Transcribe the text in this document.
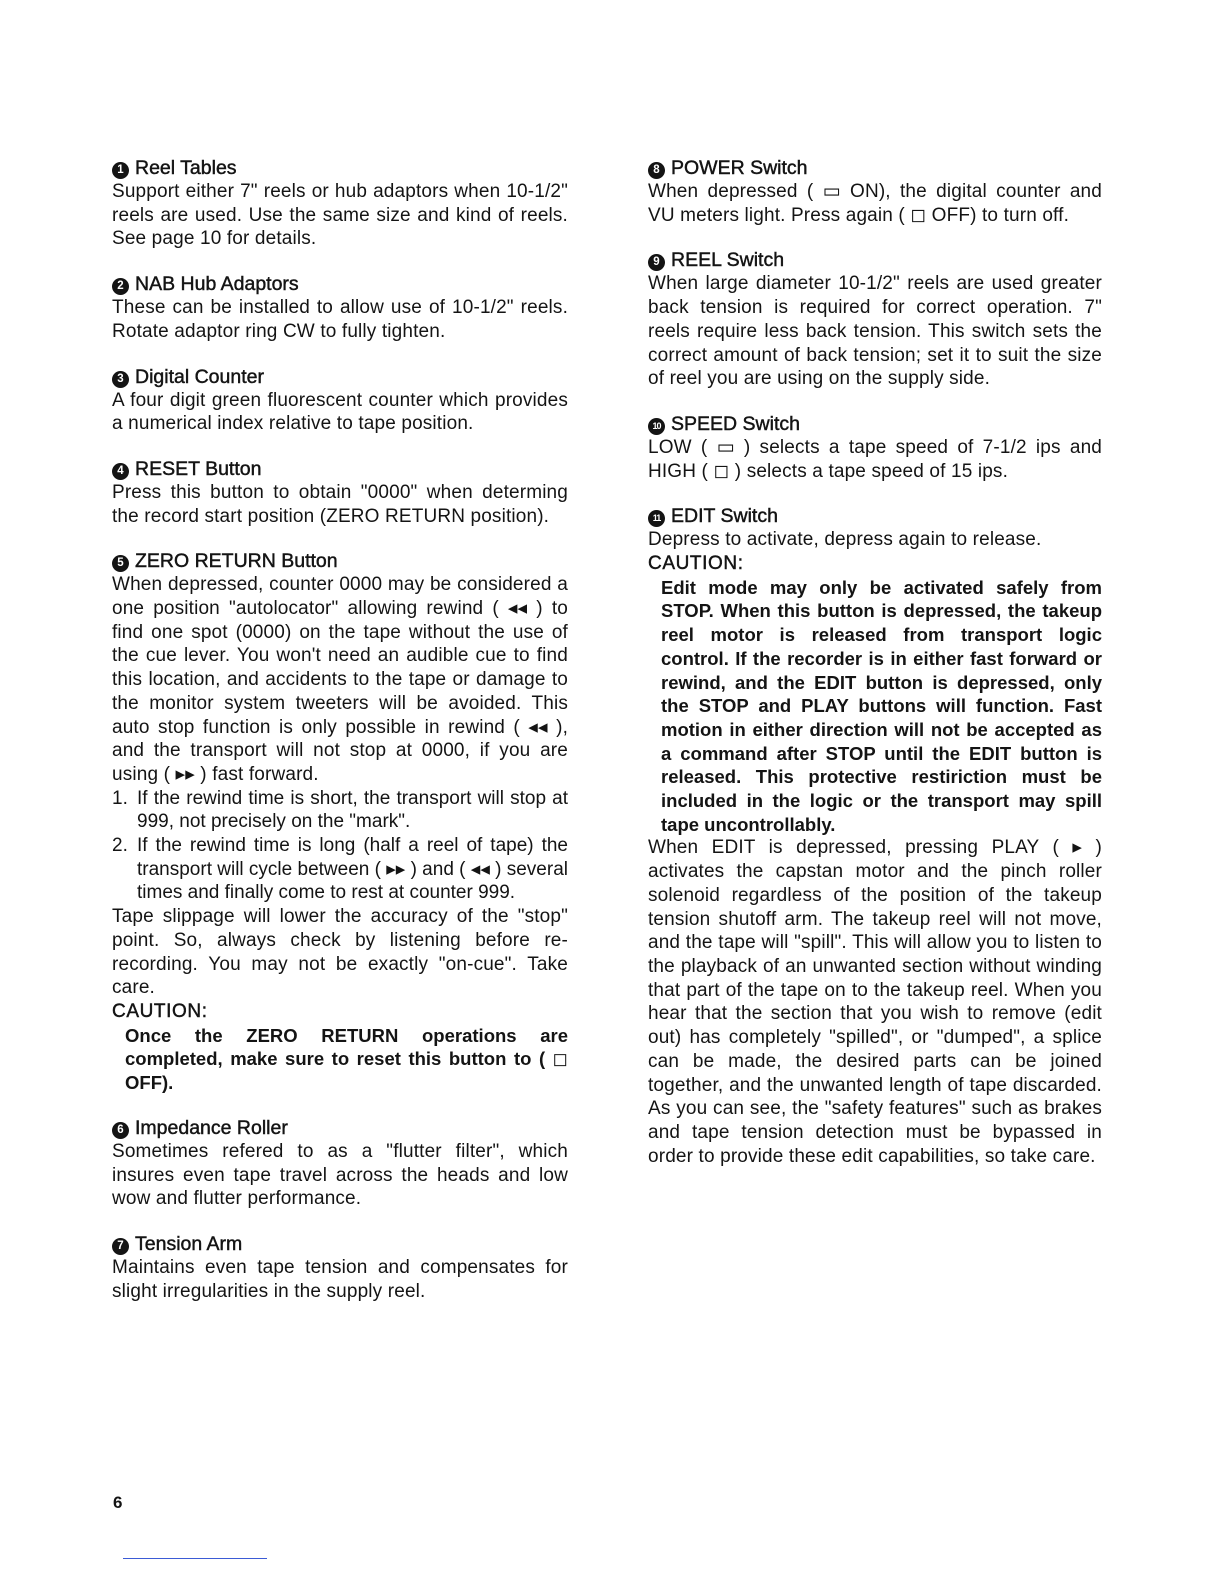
1 Reel Tables
Support either 7" reels or hub adaptors when 10-1/2" reels are used. Use the same size and kind of reels. See page 10 for details.
2 NAB Hub Adaptors
These can be installed to allow use of 10-1/2" reels. Rotate adaptor ring CW to fully tighten.
3 Digital Counter
A four digit green fluorescent counter which provides a numerical index relative to tape position.
4 RESET Button
Press this button to obtain "0000" when determing the record start position (ZERO RETURN position).
5 ZERO RETURN Button
When depressed, counter 0000 may be considered a one position "autolocator" allowing rewind ( ◂◂ ) to find one spot (0000) on the tape without the use of the cue lever. You won't need an audible cue to find this location, and accidents to the tape or damage to the monitor system tweeters will be avoided. This auto stop function is only possible in rewind ( ◂◂ ), and the transport will not stop at 0000, if you are using ( ▸▸ ) fast forward.
1. If the rewind time is short, the transport will stop at 999, not precisely on the "mark".
2. If the rewind time is long (half a reel of tape) the transport will cycle between ( ▸▸ ) and ( ◂◂ ) several times and finally come to rest at counter 999.
Tape slippage will lower the accuracy of the "stop" point. So, always check by listening before re-recording. You may not be exactly "on-cue". Take care.
CAUTION:
Once the ZERO RETURN operations are completed, make sure to reset this button to ( ◻ OFF).
6 Impedance Roller
Sometimes refered to as a "flutter filter", which insures even tape travel across the heads and low wow and flutter performance.
7 Tension Arm
Maintains even tape tension and compensates for slight irregularities in the supply reel.
8 POWER Switch
When depressed ( ▭ ON), the digital counter and VU meters light. Press again ( ◻ OFF) to turn off.
9 REEL Switch
When large diameter 10-1/2" reels are used greater back tension is required for correct operation. 7" reels require less back tension. This switch sets the correct amount of back tension; set it to suit the size of reel you are using on the supply side.
10 SPEED Switch
LOW ( ▭ ) selects a tape speed of 7-1/2 ips and HIGH ( ◻ ) selects a tape speed of 15 ips.
11 EDIT Switch
Depress to activate, depress again to release.
CAUTION:
Edit mode may only be activated safely from STOP. When this button is depressed, the takeup reel motor is released from transport logic control. If the recorder is in either fast forward or rewind, and the EDIT button is depressed, only the STOP and PLAY buttons will function. Fast motion in either direction will not be accepted as a command after STOP until the EDIT button is released. This protective restiriction must be included in the logic or the transport may spill tape uncontrollably.
When EDIT is depressed, pressing PLAY ( ▸ ) activates the capstan motor and the pinch roller solenoid regardless of the position of the takeup tension shutoff arm. The takeup reel will not move, and the tape will "spill". This will allow you to listen to the playback of an unwanted section without winding that part of the tape on to the takeup reel. When you hear that the section that you wish to remove (edit out) has completely "spilled", or "dumped", a splice can be made, the desired parts can be joined together, and the unwanted length of tape discarded. As you can see, the "safety features" such as brakes and tape tension detection must be bypassed in order to provide these edit capabilities, so take care.
6
